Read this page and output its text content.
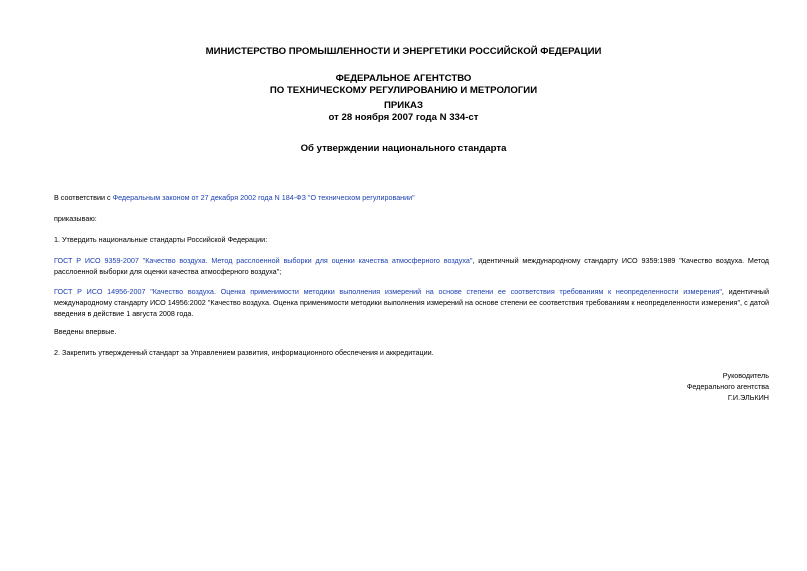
МИНИСТЕРСТВО ПРОМЫШЛЕННОСТИ И ЭНЕРГЕТИКИ РОССИЙСКОЙ ФЕДЕРАЦИИ

ФЕДЕРАЛЬНОЕ АГЕНТСТВО
ПО ТЕХНИЧЕСКОМУ РЕГУЛИРОВАНИЮ И МЕТРОЛОГИИ
ПРИКАЗ
от 28 ноября 2007 года N 334-ст

Об утверждении национального стандарта

В соответствии с Федеральным законом от 27 декабря 2002 года N 184-ФЗ "О техническом регулировании"

приказываю:

1. Утвердить национальные стандарты Российской Федерации:

ГОСТ Р ИСО 9359-2007 "Качество воздуха. Метод расслоенной выборки для оценки качества атмосферного воздуха", идентичный международному стандарту ИСО 9359:1989 "Качество воздуха. Метод расслоенной выборки для оценки качества атмосферного воздуха";

ГОСТ Р ИСО 14956-2007 "Качество воздуха. Оценка применимости методики выполнения измерений на основе степени ее соответствия требованиям к неопределенности измерения", идентичный международному стандарту ИСО 14956:2002 "Качество воздуха. Оценка применимости методики выполнения измерений на основе степени ее соответствия требованиям к неопределенности измерения", с датой введения в действие 1 августа 2008 года.

Введены впервые.

2. Закрепить утвержденный стандарт за Управлением развития, информационного обеспечения и аккредитации.

Руководитель

Федерального агентства

Г.И.ЭЛЬКИН
